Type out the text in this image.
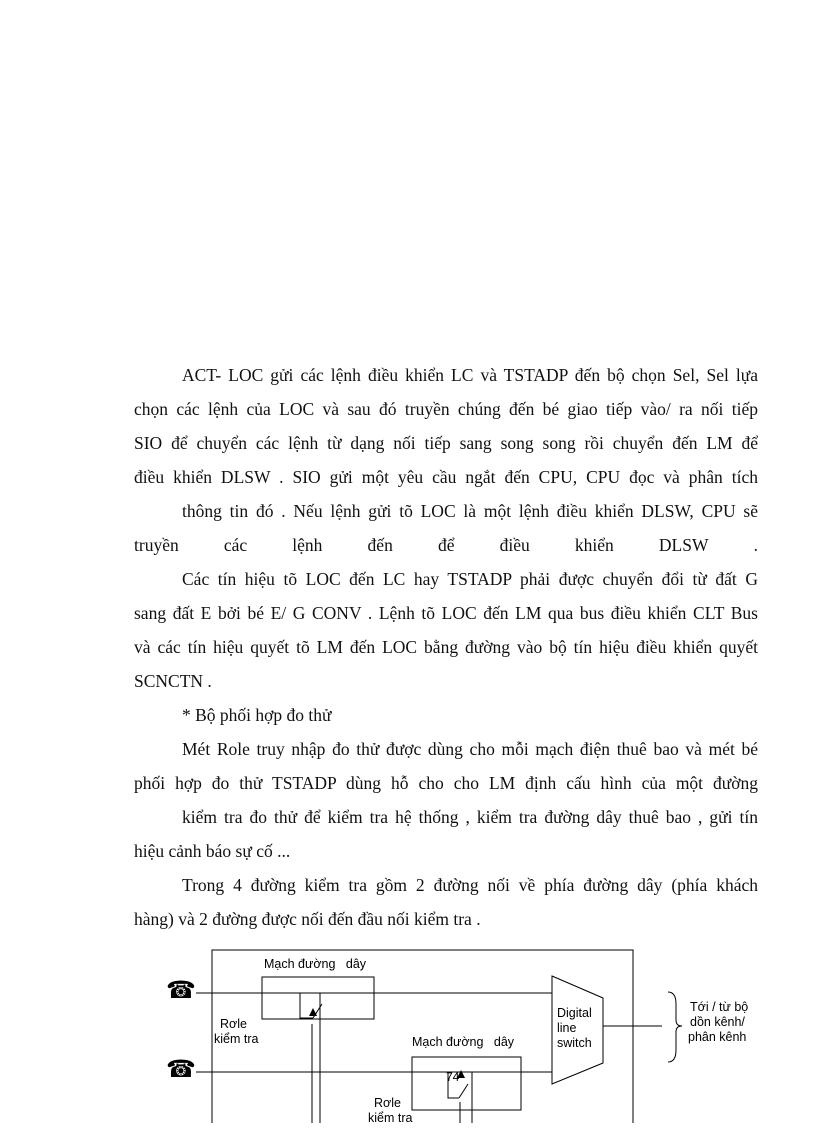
ACT- LOC gửi các lệnh điều khiển LC và TSTADP đến bộ chọn Sel, Sel lựa
chọn các lệnh của LOC và sau đó truyền chúng đến bé giao tiếp vào/ ra nối tiếp
SIO để chuyển các lệnh từ dạng nối tiếp sang song song rồi chuyển đến LM để
điều khiển DLSW . SIO gửi một yêu cầu ngắt đến CPU, CPU đọc và phân tích
thông tin đó . Nếu lệnh gửi tõ LOC là một lệnh điều khiển DLSW, CPU sẽ
truyền	các	lệnh	đến	để	điều	khiển	DLSW	.
Các tín hiệu tõ LOC đến LC hay TSTADP phải được chuyển đổi từ đất G
sang đất E bởi bé E/ G CONV . Lệnh tõ LOC đến LM qua bus điều khiển CLT Bus
và các tín hiệu quyết tõ LM đến LOC bằng đường vào bộ tín hiệu điều khiển quyết
SCNCTN .
* Bộ phối hợp đo thử
Mét Role truy nhập đo thử được dùng cho mỗi mạch điện thuê bao và mét bé
phối hợp đo thử TSTADP dùng hỗ cho cho LM định cấu hình của một đường
kiểm tra đo thử để kiểm tra hệ thống , kiểm tra đường dây thuê bao , gửi tín
hiệu cảnh báo sự cố ...
Trong 4 đường kiểm tra gồm 2 đường nối về phía đường dây (phía khách
hàng) và 2 đường được nối đến đầu nối kiểm tra .
☎
☎
Mạch đường   dây
Mạch đường   dây
Rơle
kiểm tra
Rơle
kiểm tra
74
Digital
line
switch
Tới / từ bộ
dồn kênh/
phân kênh
